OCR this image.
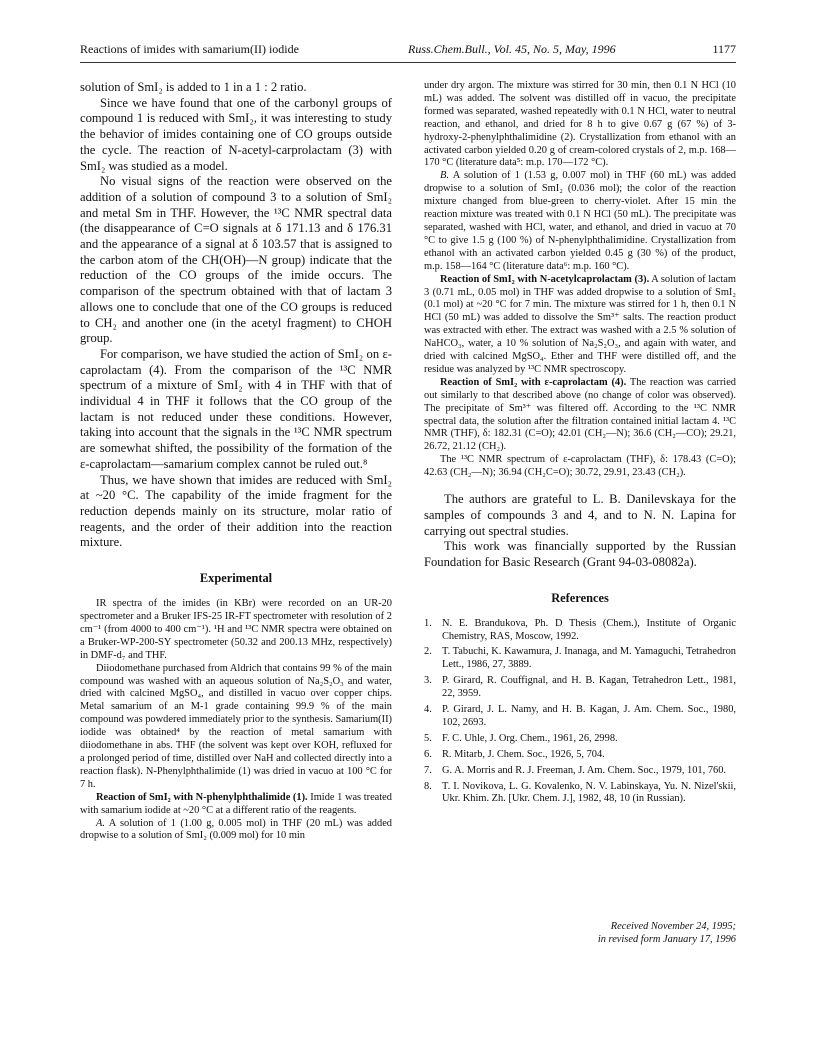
Reactions of imides with samarium(II) iodide	Russ.Chem.Bull., Vol. 45, No. 5, May, 1996	1177

solution of SmI₂ is added to 1 in a 1 : 2 ratio.

Since we have found that one of the carbonyl groups of compound 1 is reduced with SmI₂, it was interesting to study the behavior of imides containing one of CO groups outside the cycle. The reaction of N-acetyl-carprolactam (3) with SmI₂ was studied as a model.

No visual signs of the reaction were observed on the addition of a solution of compound 3 to a solution of SmI₂ and metal Sm in THF. However, the ¹³C NMR spectral data (the disappearance of C=O signals at δ 171.13 and δ 176.31 and the appearance of a signal at δ 103.57 that is assigned to the carbon atom of the CH(OH)—N group) indicate that the reduction of the CO groups of the imide occurs. The comparison of the spectrum obtained with that of lactam 3 allows one to conclude that one of the CO groups is reduced to CH₂ and another one (in the acetyl fragment) to CHOH group.

For comparison, we have studied the action of SmI₂ on ε-caprolactam (4). From the comparison of the ¹³C NMR spectrum of a mixture of SmI₂ with 4 in THF with that of individual 4 in THF it follows that the CO group of the lactam is not reduced under these conditions. However, taking into account that the signals in the ¹³C NMR spectrum are somewhat shifted, the possibility of the formation of the ε-caprolactam—samarium complex cannot be ruled out.⁸

Thus, we have shown that imides are reduced with SmI₂ at ~20 °C. The capability of the imide fragment for the reduction depends mainly on its structure, molar ratio of reagents, and the order of their addition into the reaction mixture.

Experimental

IR spectra of the imides (in KBr) were recorded on an UR-20 spectrometer and a Bruker IFS-25 IR-FT spectrometer with resolution of 2 cm⁻¹ (from 4000 to 400 cm⁻¹). ¹H and ¹³C NMR spectra were obtained on a Bruker-WP-200-SY spectrometer (50.32 and 200.13 MHz, respectively) in DMF-d₇ and THF.

Diiodomethane purchased from Aldrich that contains 99 % of the main compound was washed with an aqueous solution of Na₂S₂O₃ and water, dried with calcined MgSO₄, and distilled in vacuo over copper chips. Metal samarium of an M-1 grade containing 99.9 % of the main compound was powdered immediately prior to the synthesis. Samarium(II) iodide was obtained⁴ by the reaction of metal samarium with diiodomethane in abs. THF (the solvent was kept over KOH, refluxed for a prolonged period of time, distilled over NaH and collected directly into a reaction flask). N-Phenylphthalimide (1) was dried in vacuo at 100 °C for 7 h.

Reaction of SmI₂ with N-phenylphthalimide (1). Imide 1 was treated with samarium iodide at ~20 °C at a different ratio of the reagents.

A. A solution of 1 (1.00 g, 0.005 mol) in THF (20 mL) was added dropwise to a solution of SmI₂ (0.009 mol) for 10 min

under dry argon. The mixture was stirred for 30 min, then 0.1 N HCl (10 mL) was added. The solvent was distilled off in vacuo, the precipitate formed was separated, washed repeatedly with 0.1 N HCl, water to neutral reaction, and ethanol, and dried for 8 h to give 0.67 g (67 %) of 3-hydroxy-2-phenylphthalimidine (2). Crystallization from ethanol with an activated carbon yielded 0.20 g of cream-colored crystals of 2, m.p. 168—170 °C (literature data⁵: m.p. 170—172 °C).

B. A solution of 1 (1.53 g, 0.007 mol) in THF (60 mL) was added dropwise to a solution of SmI₂ (0.036 mol); the color of the reaction mixture changed from blue-green to cherry-violet. After 15 min the reaction mixture was treated with 0.1 N HCl (50 mL). The precipitate was separated, washed with HCl, water, and ethanol, and dried in vacuo at 70 °C to give 1.5 g (100 %) of N-phenylphthalimidine. Crystallization from ethanol with an activated carbon yielded 0.45 g (30 %) of the product, m.p. 158—164 °C (literature data⁶: m.p. 160 °C).

Reaction of SmI₂ with N-acetylcaprolactam (3). A solution of lactam 3 (0.71 mL, 0.05 mol) in THF was added dropwise to a solution of SmI₂ (0.1 mol) at ~20 °C for 7 min. The mixture was stirred for 1 h, then 0.1 N HCl (50 mL) was added to dissolve the Sm³⁺ salts. The reaction product was extracted with ether. The extract was washed with a 2.5 % solution of NaHCO₃, water, a 10 % solution of Na₂S₂O₃, and again with water, and dried with calcined MgSO₄. Ether and THF were distilled off, and the residue was analyzed by ¹³C NMR spectroscopy.

Reaction of SmI₂ with ε-caprolactam (4). The reaction was carried out similarly to that described above (no change of color was observed). The precipitate of Sm³⁺ was filtered off. According to the ¹³C NMR spectral data, the solution after the filtration contained initial lactam 4. ¹³C NMR (THF), δ: 182.31 (C=O); 42.01 (CH₂—N); 36.6 (CH₂—CO); 29.21, 26.72, 21.12 (CH₂).

The ¹³C NMR spectrum of ε-caprolactam (THF), δ: 178.43 (C=O); 42.63 (CH₂—N); 36.94 (CH₂C=O); 30.72, 29.91, 23.43 (CH₂).

The authors are grateful to L. B. Danilevskaya for the samples of compounds 3 and 4, and to N. N. Lapina for carrying out spectral studies.

This work was financially supported by the Russian Foundation for Basic Research (Grant 94-03-08082a).

References
1. N. E. Brandukova, Ph. D Thesis (Chem.), Institute of Organic Chemistry, RAS, Moscow, 1992.
2. T. Tabuchi, K. Kawamura, J. Inanaga, and M. Yamaguchi, Tetrahedron Lett., 1986, 27, 3889.
3. P. Girard, R. Couffignal, and H. B. Kagan, Tetrahedron Lett., 1981, 22, 3959.
4. P. Girard, J. L. Namy, and H. B. Kagan, J. Am. Chem. Soc., 1980, 102, 2693.
5. F. C. Uhle, J. Org. Chem., 1961, 26, 2998.
6. R. Mitarb, J. Chem. Soc., 1926, 5, 704.
7. G. A. Morris and R. J. Freeman, J. Am. Chem. Soc., 1979, 101, 760.
8. T. I. Novikova, L. G. Kovalenko, N. V. Labinskaya, Yu. N. Nizel'skii, Ukr. Khim. Zh. [Ukr. Chem. J.], 1982, 48, 10 (in Russian).
Received November 24, 1995;
in revised form January 17, 1996
